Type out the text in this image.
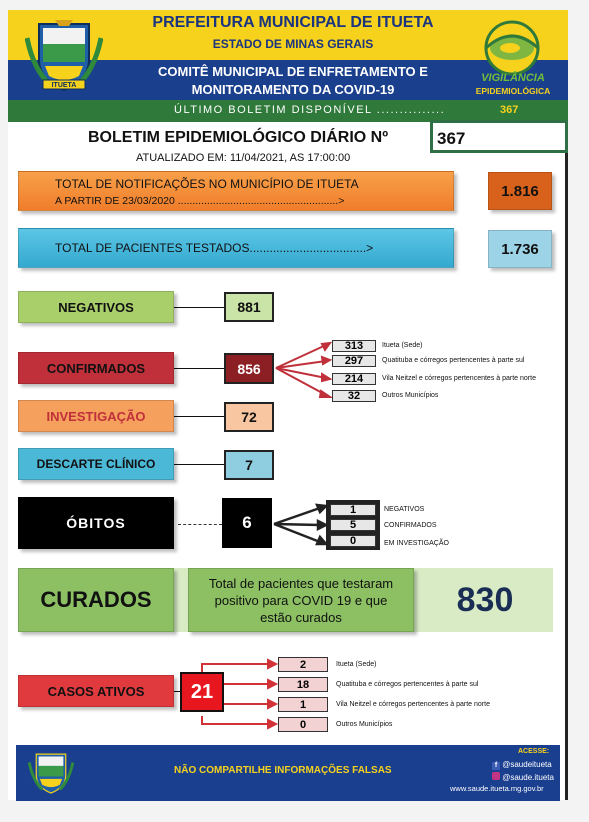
PREFEITURA MUNICIPAL DE ITUETA
ESTADO DE MINAS GERAIS
COMITÊ MUNICIPAL DE ENFRETAMENTO E
MONITORAMENTO DA COVID-19
ÚLTIMO BOLETIM DISPONÍVEL ...............	367
ITUETA
VIGILÂNCIA
EPIDEMIOLÓGICA
BOLETIM EPIDEMIOLÓGICO DIÁRIO Nº	367
ATUALIZADO EM: 11/04/2021, AS 17:00:00
TOTAL DE NOTIFICAÇÕES NO MUNICÍPIO DE ITUETA
A PARTIR DE 23/03/2020 .......................................................>
1.816
TOTAL DE PACIENTES TESTADOS...................................>	1.736
NEGATIVOS	881
CONFIRMADOS	856
313	Itueta (Sede)
297	Quatituba e córregos pertencentes à parte sul
214	Vila Neitzel e córregos pertencentes à parte norte
32	Outros Municípios
INVESTIGAÇÃO	72
DESCARTE CLÍNICO	7
ÓBITOS	6
1	NEGATIVOS
5	CONFIRMADOS
0	EM INVESTIGAÇÃO
CURADOS
Total de pacientes que testaram positivo para COVID 19 e que estão curados	830
CASOS ATIVOS	21
2	Itueta (Sede)
18	Quatituba e córregos pertencentes à parte sul
1	Vila Neitzel e córregos pertencentes à parte norte
0	Outros Municípios
NÃO COMPARTILHE INFORMAÇÕES FALSAS
ACESSE:
f @saudeitueta
@saude.itueta
www.saude.itueta.mg.gov.br
